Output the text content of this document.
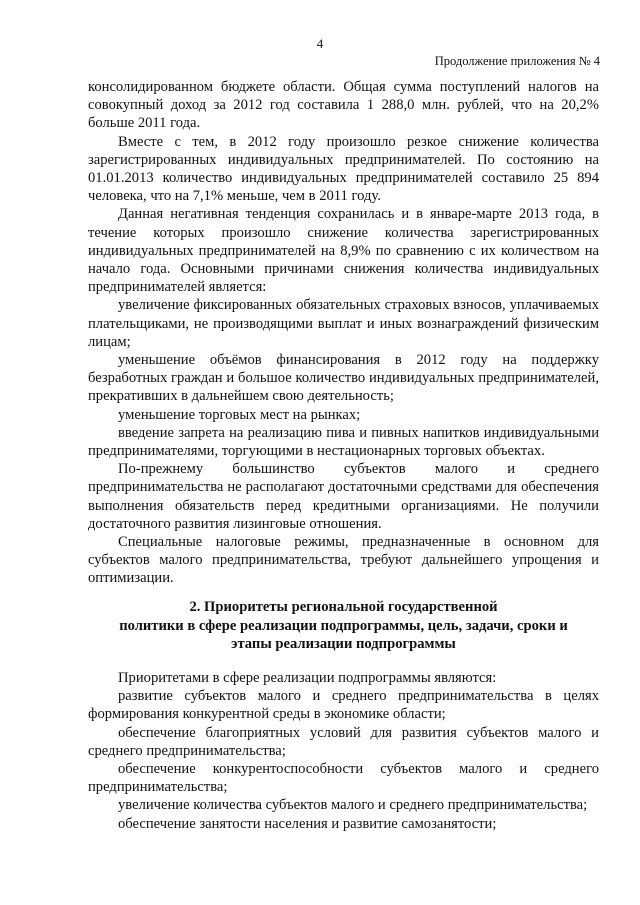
4
Продолжение приложения № 4

консолидированном бюджете области. Общая сумма поступлений налогов на совокупный доход за 2012 год составила 1 288,0 млн. рублей, что на 20,2% больше 2011 года.

Вместе с тем, в 2012 году произошло резкое снижение количества зарегистрированных индивидуальных предпринимателей. По состоянию на 01.01.2013 количество индивидуальных предпринимателей составило 25 894 человека, что на 7,1% меньше, чем в 2011 году.

Данная негативная тенденция сохранилась и в январе-марте 2013 года, в течение которых произошло снижение количества зарегистрированных индивидуальных предпринимателей на 8,9% по сравнению с их количеством на начало года. Основными причинами снижения количества индивидуальных предпринимателей является:

увеличение фиксированных обязательных страховых взносов, уплачиваемых плательщиками, не производящими выплат и иных вознаграждений физическим лицам;

уменьшение объёмов финансирования в 2012 году на поддержку безработных граждан и большое количество индивидуальных предпринимателей, прекративших в дальнейшем свою деятельность;

уменьшение торговых мест на рынках;

введение запрета на реализацию пива и пивных напитков индивидуальными предпринимателями, торгующими в нестационарных торговых объектах.

По-прежнему большинство субъектов малого и среднего предпринимательства не располагают достаточными средствами для обеспечения выполнения обязательств перед кредитными организациями. Не получили достаточного развития лизинговые отношения.

Специальные налоговые режимы, предназначенные в основном для субъектов малого предпринимательства, требуют дальнейшего упрощения и оптимизации.

2. Приоритеты региональной государственной
политики в сфере реализации подпрограммы, цель, задачи, сроки и
этапы реализации подпрограммы

Приоритетами в сфере реализации подпрограммы являются:

развитие субъектов малого и среднего предпринимательства в целях формирования конкурентной среды в экономике области;

обеспечение благоприятных условий для развития субъектов малого и среднего предпринимательства;

обеспечение конкурентоспособности субъектов малого и среднего предпринимательства;

увеличение количества субъектов малого и среднего предпринимательства;

обеспечение занятости населения и развитие самозанятости;
